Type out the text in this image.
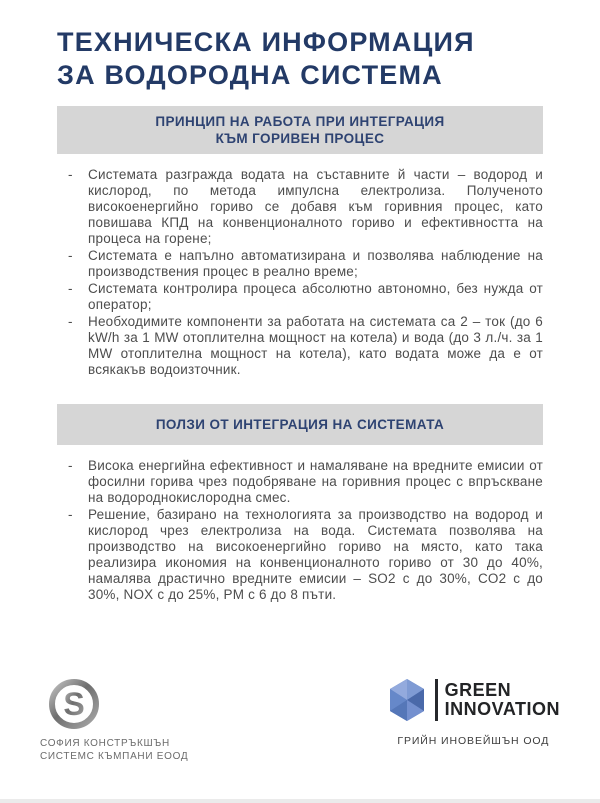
ТЕХНИЧЕСКА ИНФОРМАЦИЯ
ЗА ВОДОРОДНА СИСТЕМА
ПРИНЦИП НА РАБОТА ПРИ ИНТЕГРАЦИЯ
КЪМ ГОРИВЕН ПРОЦЕС
-	Системата разгражда водата на съставните й части – водород и кислород, по метода импулсна електролиза. Полученото високоенергийно гориво се добавя към горивния процес, като повишава КПД на конвенционалното гориво и ефективността на процеса на горене;
-	Системата е напълно автоматизирана и позволява наблюдение на производствения процес в реално време;
-	Системата контролира процеса абсолютно автономно, без нужда от оператор;
-	Необходимите компоненти за работата на системата са 2 – ток (до 6 kW/h за 1 MW отоплителна мощност на котела) и вода (до 3 л./ч. за 1 MW отоплителна мощност на котела), като водата може да е от всякакъв водоизточник.
ПОЛЗИ ОТ ИНТЕГРАЦИЯ НА СИСТЕМАТА
-	Висока енергийна ефективност и намаляване на вредните емисии от фосилни горива чрез подобряване на горивния процес с впръскване на водороднокислородна смес.
-	Решение, базирано на технологията за производство на водород и кислород чрез електролиза на вода. Системата позволява на производство на високоенергийно гориво на място, като така реализира икономия на конвенционалното гориво от 30 до 40%, намалява драстично вредните емисии – SO2 с до 30%, CO2 с до 30%, NOX с до 25%, PM с 6 до 8 пъти.
S
СОФИЯ КОНСТРЪКШЪН
СИСТЕМС КЪМПАНИ ЕООД
GREEN
INNOVATION
ГРИЙН ИНОВЕЙШЪН ООД
